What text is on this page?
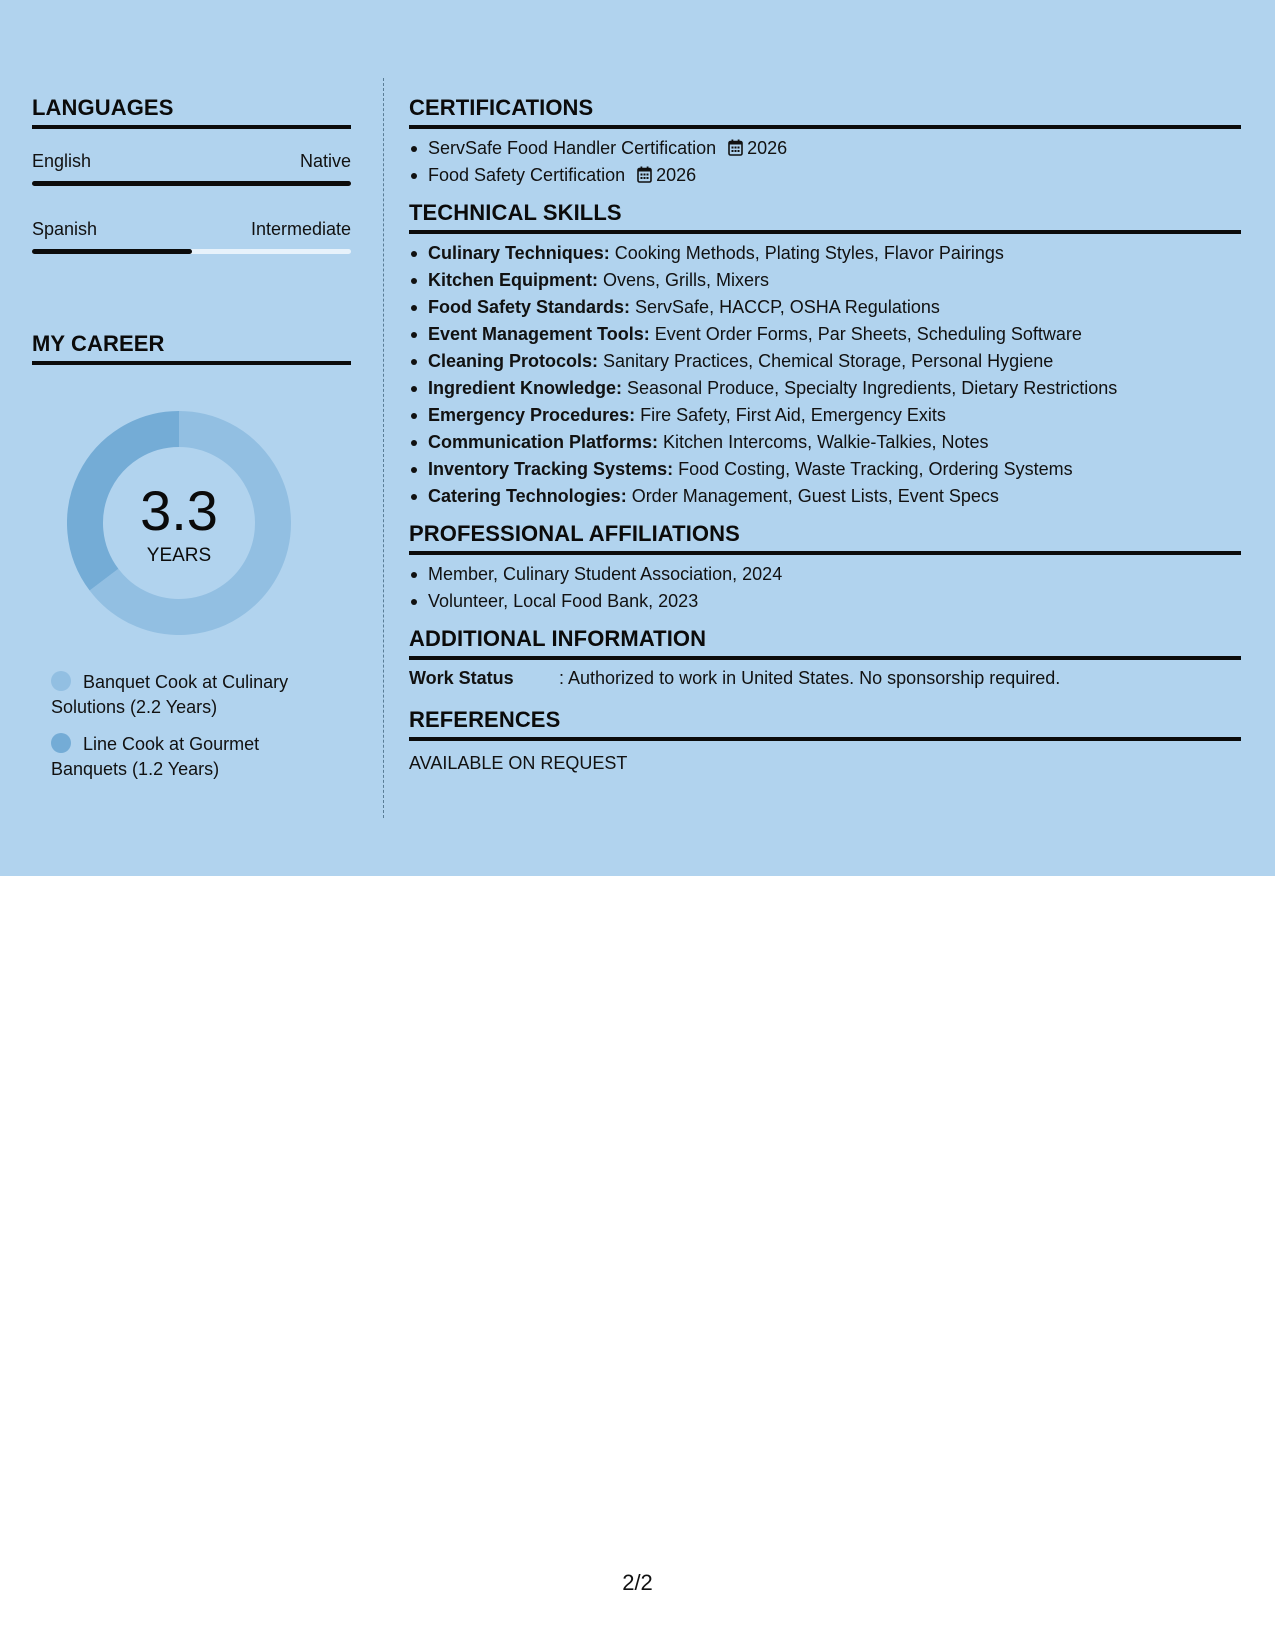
LANGUAGES
English	Native
Spanish	Intermediate
MY CAREER
3.3
YEARS
Banquet Cook at Culinary Solutions (2.2 Years)
Line Cook at Gourmet Banquets (1.2 Years)
CERTIFICATIONS
ServSafe Food Handler Certification 2026
Food Safety Certification 2026
TECHNICAL SKILLS
Culinary Techniques: Cooking Methods, Plating Styles, Flavor Pairings
Kitchen Equipment: Ovens, Grills, Mixers
Food Safety Standards: ServSafe, HACCP, OSHA Regulations
Event Management Tools: Event Order Forms, Par Sheets, Scheduling Software
Cleaning Protocols: Sanitary Practices, Chemical Storage, Personal Hygiene
Ingredient Knowledge: Seasonal Produce, Specialty Ingredients, Dietary Restrictions
Emergency Procedures: Fire Safety, First Aid, Emergency Exits
Communication Platforms: Kitchen Intercoms, Walkie-Talkies, Notes
Inventory Tracking Systems: Food Costing, Waste Tracking, Ordering Systems
Catering Technologies: Order Management, Guest Lists, Event Specs
PROFESSIONAL AFFILIATIONS
Member, Culinary Student Association, 2024
Volunteer, Local Food Bank, 2023
ADDITIONAL INFORMATION
Work Status	: Authorized to work in United States. No sponsorship required.
REFERENCES
AVAILABLE ON REQUEST
2/2
